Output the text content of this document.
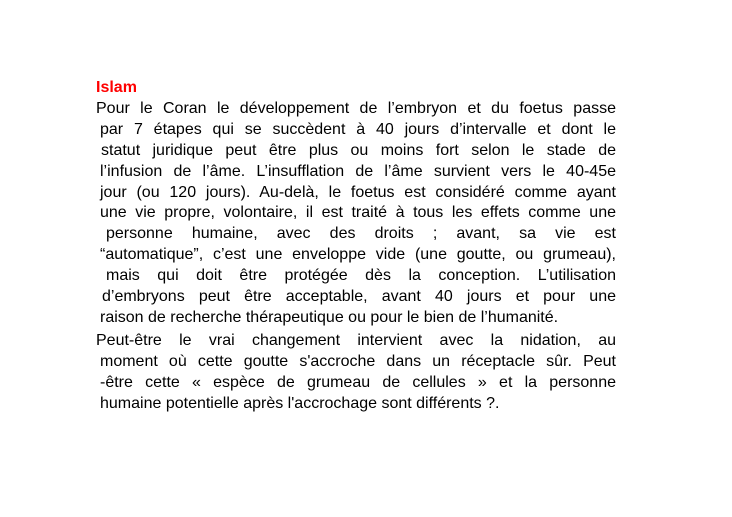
Islam
Pour le Coran le développement de l’embryon et du foetus passe
par 7 étapes qui se succèdent à 40 jours d’intervalle et dont le
statut juridique peut être plus ou moins fort selon le stade de
l’infusion de l’âme. L’insufflation de l’âme survient vers le 40-45e
jour (ou 120 jours). Au-delà, le foetus est considéré comme ayant
une vie propre, volontaire, il est traité à tous les effets comme une
personne humaine, avec des droits ; avant, sa vie est
“automatique”, c’est une enveloppe vide (une goutte, ou grumeau),
mais qui doit être protégée dès la conception. L’utilisation
d’embryons peut être acceptable, avant 40 jours et pour une
raison de recherche thérapeutique ou pour le bien de l’humanité.
Peut-être le vrai changement intervient avec la nidation, au
moment où cette goutte s'accroche dans un réceptacle sûr. Peut
-être cette « espèce de grumeau de cellules » et la personne
humaine potentielle après l'accrochage sont différents ?.
